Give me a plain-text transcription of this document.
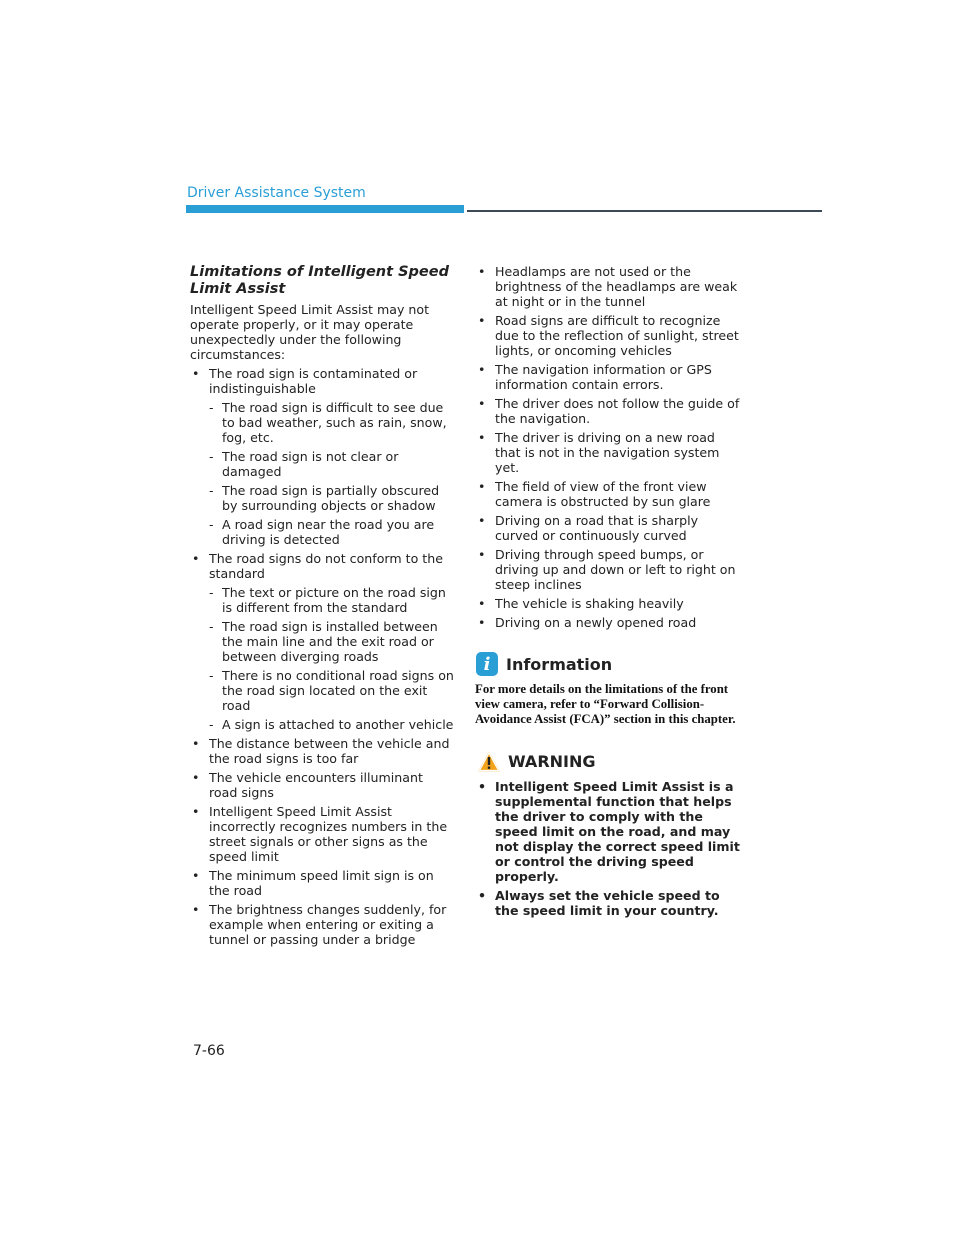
Driver Assistance System
Limitations of Intelligent Speed Limit Assist
Intelligent Speed Limit Assist may not operate properly, or it may operate unexpectedly under the following circumstances:
• The road sign is contaminated or indistinguishable
- The road sign is difficult to see due to bad weather, such as rain, snow, fog, etc.
- The road sign is not clear or damaged
- The road sign is partially obscured by surrounding objects or shadow
- A road sign near the road you are driving is detected
• The road signs do not conform to the standard
- The text or picture on the road sign is different from the standard
- The road sign is installed between the main line and the exit road or between diverging roads
- There is no conditional road signs on the road sign located on the exit road
- A sign is attached to another vehicle
• The distance between the vehicle and the road signs is too far
• The vehicle encounters illuminant road signs
• Intelligent Speed Limit Assist incorrectly recognizes numbers in the street signals or other signs as the speed limit
• The minimum speed limit sign is on the road
• The brightness changes suddenly, for example when entering or exiting a tunnel or passing under a bridge
• Headlamps are not used or the brightness of the headlamps are weak at night or in the tunnel
• Road signs are difficult to recognize due to the reflection of sunlight, street lights, or oncoming vehicles
• The navigation information or GPS information contain errors.
• The driver does not follow the guide of the navigation.
• The driver is driving on a new road that is not in the navigation system yet.
• The field of view of the front view camera is obstructed by sun glare
• Driving on a road that is sharply curved or continuously curved
• Driving through speed bumps, or driving up and down or left to right on steep inclines
• The vehicle is shaking heavily
• Driving on a newly opened road
i Information
For more details on the limitations of the front view camera, refer to “Forward Collision-Avoidance Assist (FCA)” section in this chapter.
WARNING
• Intelligent Speed Limit Assist is a supplemental function that helps the driver to comply with the speed limit on the road, and may not display the correct speed limit or control the driving speed properly.
• Always set the vehicle speed to the speed limit in your country.
7-66
